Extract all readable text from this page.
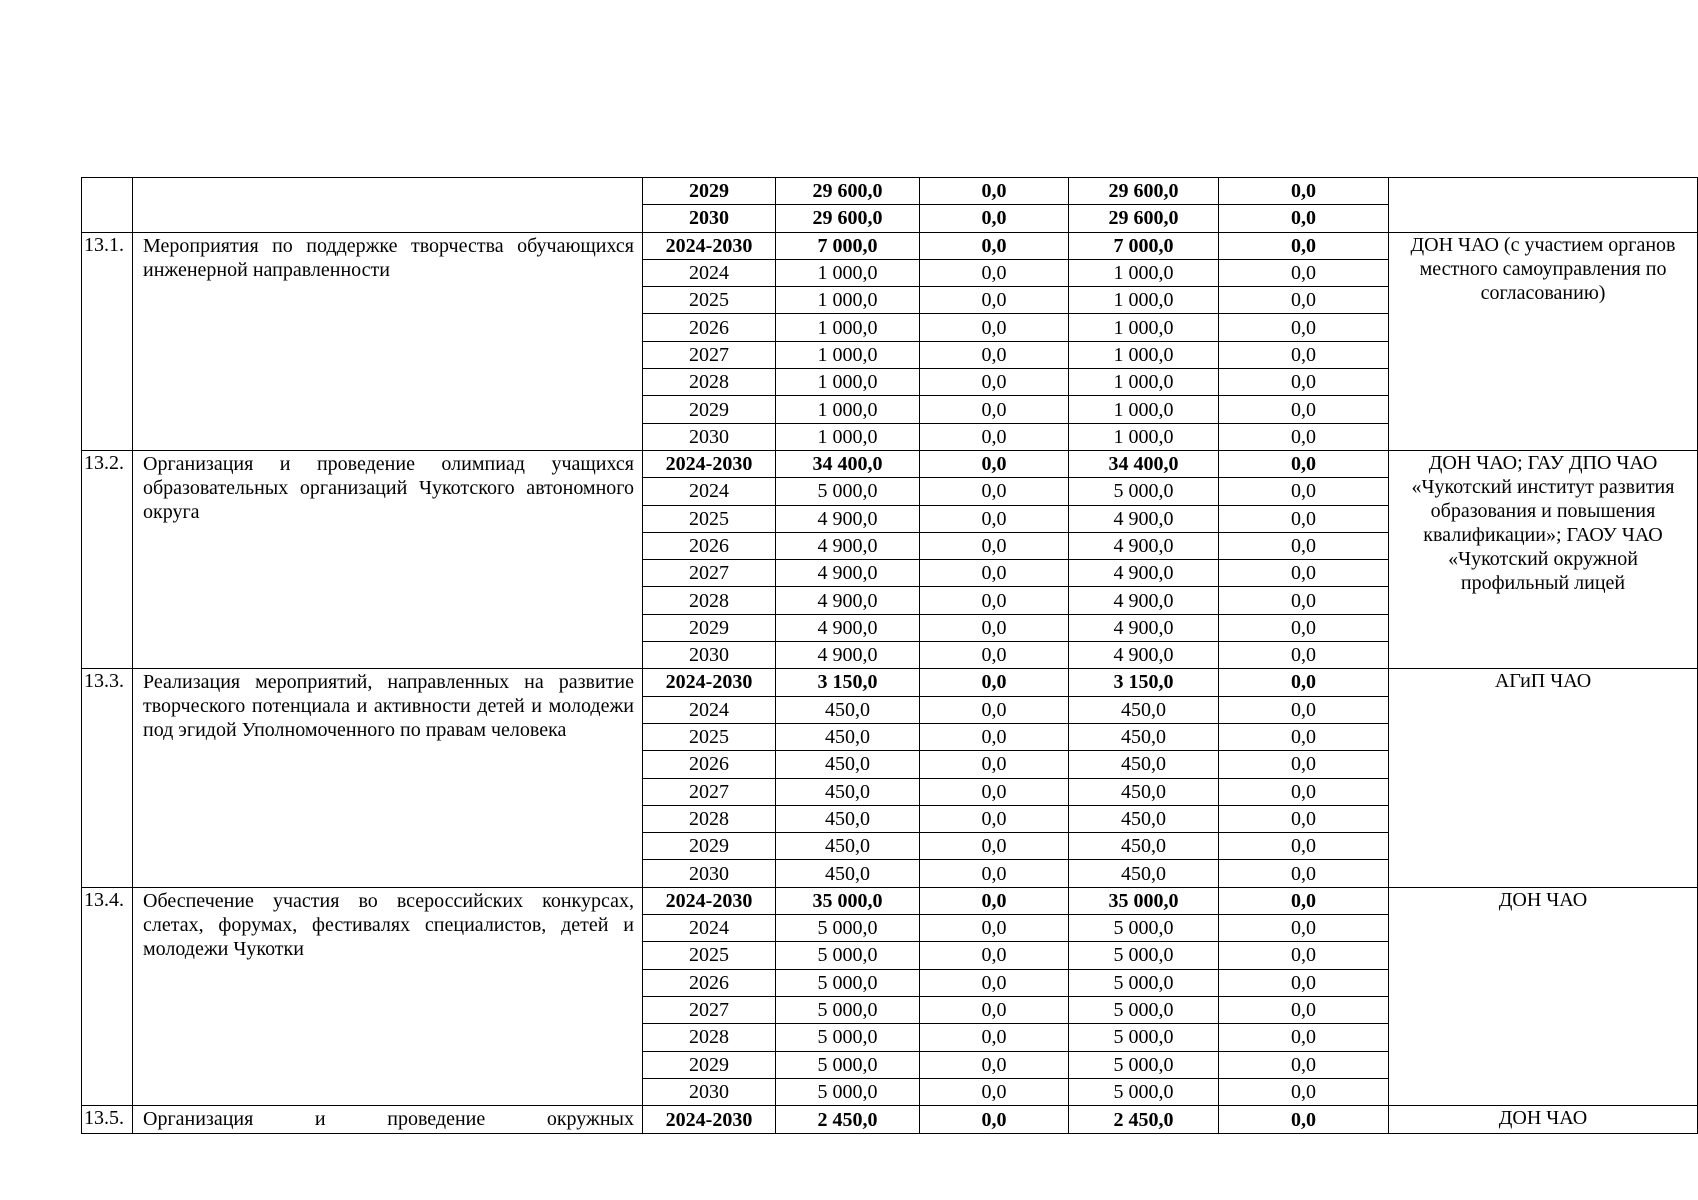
		2029	29 600,0	0,0	29 600,0	0,0	
		2030	29 600,0	0,0	29 600,0	0,0	
13.1.	Мероприятия по поддержке творчества обучающихся инженерной направленности	2024-2030	7 000,0	0,0	7 000,0	0,0	ДОН ЧАО (с участием органов местного самоуправления по согласованию)
		2024	1 000,0	0,0	1 000,0	0,0	
		2025	1 000,0	0,0	1 000,0	0,0	
		2026	1 000,0	0,0	1 000,0	0,0	
		2027	1 000,0	0,0	1 000,0	0,0	
		2028	1 000,0	0,0	1 000,0	0,0	
		2029	1 000,0	0,0	1 000,0	0,0	
		2030	1 000,0	0,0	1 000,0	0,0	
13.2.	Организация и проведение олимпиад учащихся образовательных организаций Чукотского автономного округа	2024-2030	34 400,0	0,0	34 400,0	0,0	ДОН ЧАО; ГАУ ДПО ЧАО «Чукотский институт развития образования и повышения квалификации»; ГАОУ ЧАО «Чукотский окружной профильный лицей
		2024	5 000,0	0,0	5 000,0	0,0	
		2025	4 900,0	0,0	4 900,0	0,0	
		2026	4 900,0	0,0	4 900,0	0,0	
		2027	4 900,0	0,0	4 900,0	0,0	
		2028	4 900,0	0,0	4 900,0	0,0	
		2029	4 900,0	0,0	4 900,0	0,0	
		2030	4 900,0	0,0	4 900,0	0,0	
13.3.	Реализация мероприятий, направленных на развитие творческого потенциала и активности детей и молодежи под эгидой Уполномоченного по правам человека	2024-2030	3 150,0	0,0	3 150,0	0,0	АГиП ЧАО
		2024	450,0	0,0	450,0	0,0	
		2025	450,0	0,0	450,0	0,0	
		2026	450,0	0,0	450,0	0,0	
		2027	450,0	0,0	450,0	0,0	
		2028	450,0	0,0	450,0	0,0	
		2029	450,0	0,0	450,0	0,0	
		2030	450,0	0,0	450,0	0,0	
13.4.	Обеспечение участия во всероссийских конкурсах, слетах, форумах, фестивалях специалистов, детей и молодежи Чукотки	2024-2030	35 000,0	0,0	35 000,0	0,0	ДОН ЧАО
		2024	5 000,0	0,0	5 000,0	0,0	
		2025	5 000,0	0,0	5 000,0	0,0	
		2026	5 000,0	0,0	5 000,0	0,0	
		2027	5 000,0	0,0	5 000,0	0,0	
		2028	5 000,0	0,0	5 000,0	0,0	
		2029	5 000,0	0,0	5 000,0	0,0	
		2030	5 000,0	0,0	5 000,0	0,0	
13.5.	Организация и проведение окружных	2024-2030	2 450,0	0,0	2 450,0	0,0	ДОН ЧАО
